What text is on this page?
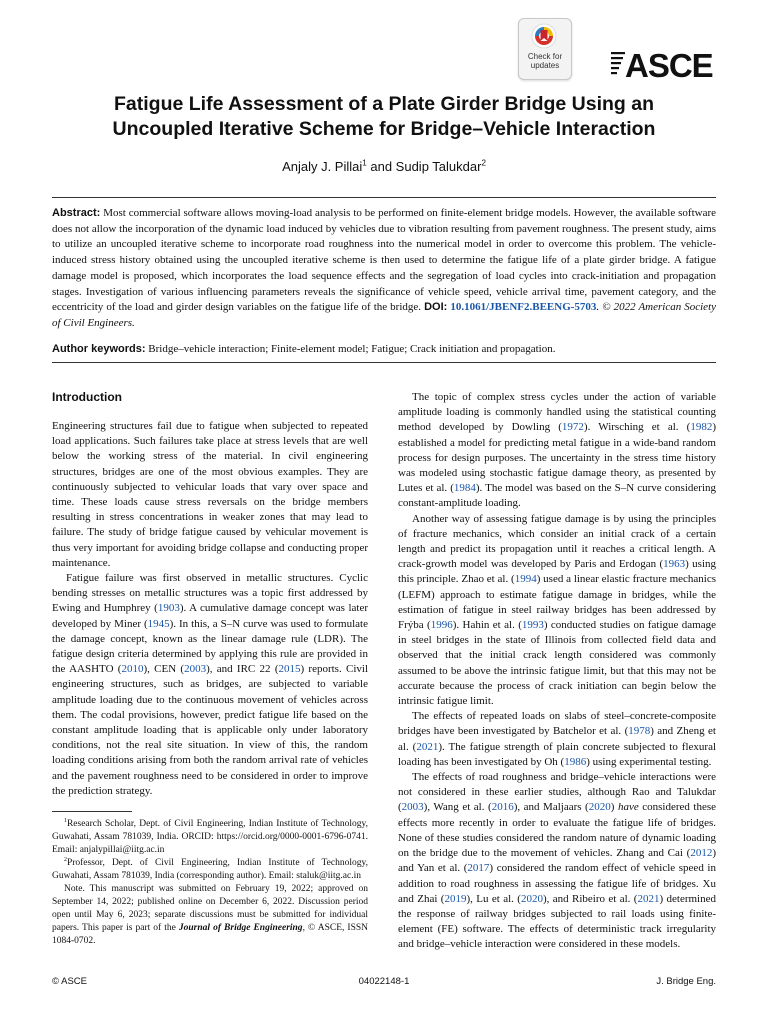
Check for
updates	ASCE
Fatigue Life Assessment of a Plate Girder Bridge Using an
Uncoupled Iterative Scheme for Bridge–Vehicle Interaction
Anjaly J. Pillai$^1$ and Sudip Talukdar$^2$
Abstract: Most commercial software allows moving-load analysis to be performed on finite-element bridge models. However, the available software does not allow the incorporation of the dynamic load induced by vehicles due to vibration resulting from pavement roughness. The present study, aims to utilize an uncoupled iterative scheme to incorporate road roughness into the numerical model in order to overcome this problem. The vehicle-induced stress history obtained using the uncoupled iterative scheme is then used to determine the fatigue life of a plate girder bridge. A fatigue damage model is proposed, which incorporates the load sequence effects and the segregation of load cycles into crack-initiation and propagation stages. Investigation of various influencing parameters reveals the significance of vehicle speed, vehicle arrival time, pavement category, and the eccentricity of the load and girder design variables on the fatigue life of the bridge. DOI: 10.1061/JBENF2.BEENG-5703. © 2022 American Society of Civil Engineers.
Author keywords: Bridge–vehicle interaction; Finite-element model; Fatigue; Crack initiation and propagation.
Introduction

Engineering structures fail due to fatigue when subjected to repeated load applications. Such failures take place at stress levels that are well below the working stress of the material. In civil engineering structures, bridges are one of the most obvious examples. They are continuously subjected to vehicular loads that vary over space and time. These loads cause stress reversals on the bridge members resulting in stress concentrations in weaker zones that may lead to failure. The study of bridge fatigue caused by vehicular movement is thus very important for avoiding bridge collapse and conducting proper maintenance.

Fatigue failure was first observed in metallic structures. Cyclic bending stresses on metallic structures was a topic first addressed by Ewing and Humphrey (1903). A cumulative damage concept was later developed by Miner (1945). In this, a S–N curve was used to formulate the damage concept, known as the linear damage rule (LDR). The fatigue design criteria determined by applying this rule are provided in the AASHTO (2010), CEN (2003), and IRC 22 (2015) reports. Civil engineering structures, such as bridges, are subjected to variable amplitude loading due to the continuous movement of vehicles across them. The codal provisions, however, predict fatigue life based on the constant amplitude loading that is applicable only under laboratory conditions, not the real site situation. In view of this, the random loading conditions arising from both the random arrival rate of vehicles and the pavement roughness need to be considered in order to improve the prediction strategy.

$^1$Research Scholar, Dept. of Civil Engineering, Indian Institute of Technology, Guwahati, Assam 781039, India. ORCID: https://orcid.org/0000-0001-6796-0741. Email: anjalypillai@iitg.ac.in

$^2$Professor, Dept. of Civil Engineering, Indian Institute of Technology, Guwahati, Assam 781039, India (corresponding author). Email: staluk@iitg.ac.in

Note. This manuscript was submitted on February 19, 2022; approved on September 14, 2022; published online on December 6, 2022. Discussion period open until May 6, 2023; separate discussions must be submitted for individual papers. This paper is part of the Journal of Bridge Engineering, © ASCE, ISSN 1084-0702.

The topic of complex stress cycles under the action of variable amplitude loading is commonly handled using the statistical counting method developed by Dowling (1972). Wirsching et al. (1982) established a model for predicting metal fatigue in a wide-band random process for design purposes. The uncertainty in the stress time history was modeled using stochastic fatigue damage theory, as presented by Lutes et al. (1984). The model was based on the S–N curve considering constant-amplitude loading.

Another way of assessing fatigue damage is by using the principles of fracture mechanics, which consider an initial crack of a certain length and predict its propagation until it reaches a critical length. A crack-growth model was developed by Paris and Erdogan (1963) using this principle. Zhao et al. (1994) used a linear elastic fracture mechanics (LEFM) approach to estimate fatigue damage in bridges, while the estimation of fatigue in steel railway bridges has been addressed by Frýba (1996). Hahin et al. (1993) conducted studies on fatigue damage in steel bridges in the state of Illinois from collected field data and observed that the initial crack length considered was commonly assumed to be above the intrinsic fatigue limit, but that this may not be accurate because the process of crack initiation can begin below the intrinsic fatigue limit.

The effects of repeated loads on slabs of steel–concrete-composite bridges have been investigated by Batchelor et al. (1978) and Zheng et al. (2021). The fatigue strength of plain concrete subjected to flexural loading has been investigated by Oh (1986) using experimental testing.

The effects of road roughness and bridge–vehicle interactions were not considered in these earlier studies, although Rao and Talukdar (2003), Wang et al. (2016), and Maljaars (2020) have considered these effects more recently in order to evaluate the fatigue life of bridges. None of these studies considered the random nature of dynamic loading on the bridge due to the movement of vehicles. Zhang and Cai (2012) and Yan et al. (2017) considered the random effect of vehicle speed in addition to road roughness in assessing the fatigue life of bridges. Xu and Zhai (2019), Lu et al. (2020), and Ribeiro et al. (2021) determined the response of railway bridges subjected to rail loads using finite-element (FE) software. The effects of deterministic track irregularity and bridge–vehicle interaction were considered in these models.

© ASCE	04022148-1	J. Bridge Eng.
